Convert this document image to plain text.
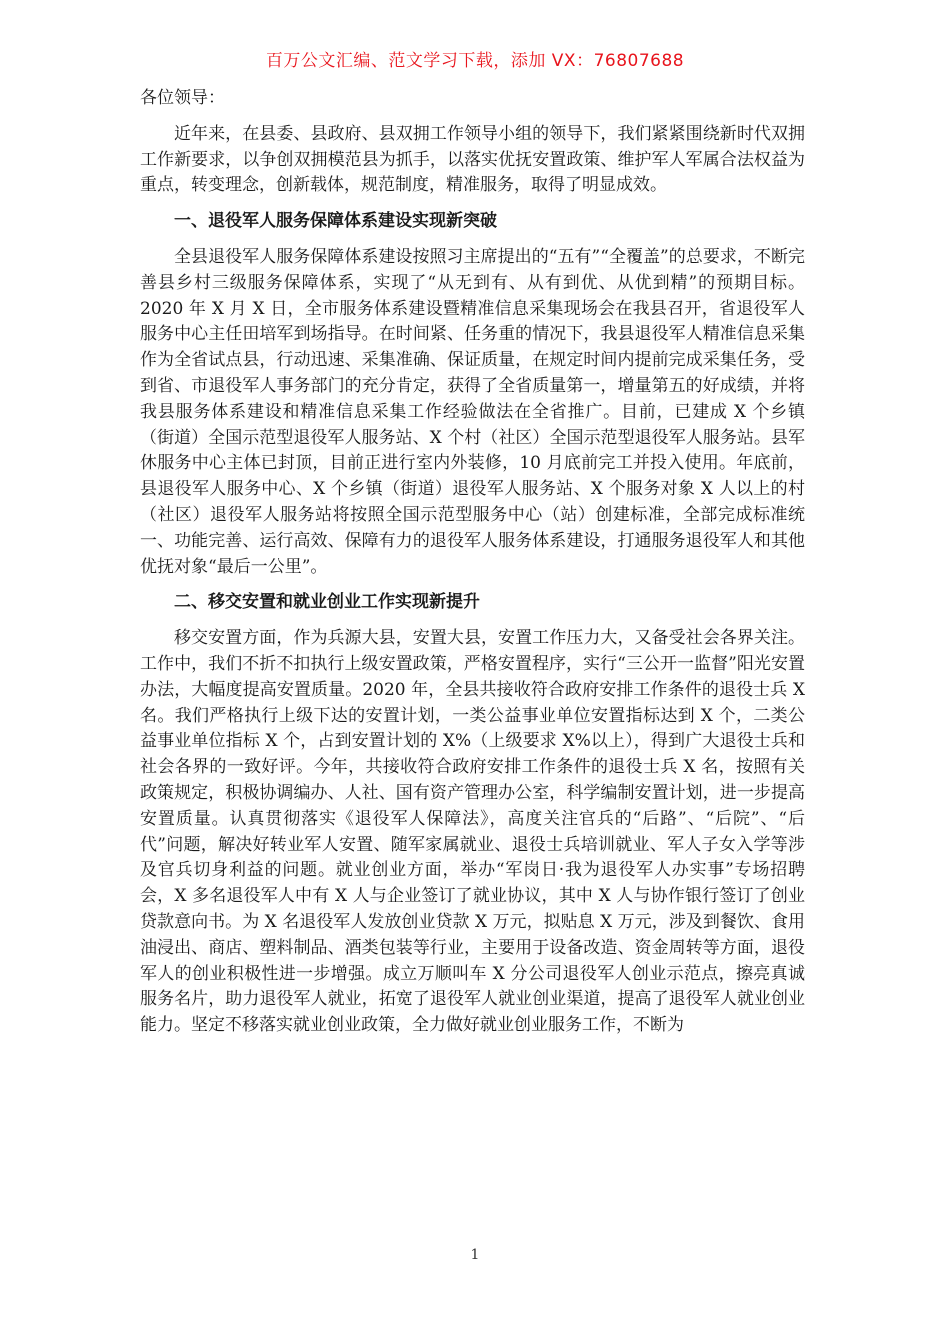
百万公文汇编、范文学习下载，添加 VX：76807688

各位领导：

近年来，在县委、县政府、县双拥工作领导小组的领导下，我们紧紧围绕新时代双拥工作新要求，以争创双拥模范县为抓手，以落实优抚安置政策、维护军人军属合法权益为重点，转变理念，创新载体，规范制度，精准服务，取得了明显成效。

一、退役军人服务保障体系建设实现新突破

全县退役军人服务保障体系建设按照习主席提出的“五有”“全覆盖”的总要求，不断完善县乡村三级服务保障体系，实现了“从无到有、从有到优、从优到精”的预期目标。2020 年 X 月 X 日，全市服务体系建设暨精准信息采集现场会在我县召开，省退役军人服务中心主任田培军到场指导。在时间紧、任务重的情况下，我县退役军人精准信息采集作为全省试点县，行动迅速、采集准确、保证质量，在规定时间内提前完成采集任务，受到省、市退役军人事务部门的充分肯定，获得了全省质量第一，增量第五的好成绩，并将我县服务体系建设和精准信息采集工作经验做法在全省推广。目前，已建成 X 个乡镇（街道）全国示范型退役军人服务站、X 个村（社区）全国示范型退役军人服务站。县军休服务中心主体已封顶，目前正进行室内外装修，10 月底前完工并投入使用。年底前，县退役军人服务中心、X 个乡镇（街道）退役军人服务站、X 个服务对象 X 人以上的村（社区）退役军人服务站将按照全国示范型服务中心（站）创建标准，全部完成标准统一、功能完善、运行高效、保障有力的退役军人服务体系建设，打通服务退役军人和其他优抚对象“最后一公里”。

二、移交安置和就业创业工作实现新提升

移交安置方面，作为兵源大县，安置大县，安置工作压力大，又备受社会各界关注。工作中，我们不折不扣执行上级安置政策，严格安置程序，实行“三公开一监督”阳光安置办法，大幅度提高安置质量。2020 年，全县共接收符合政府安排工作条件的退役士兵 X 名。我们严格执行上级下达的安置计划，一类公益事业单位安置指标达到 X 个，二类公益事业单位指标 X 个，占到安置计划的 X%（上级要求 X%以上），得到广大退役士兵和社会各界的一致好评。今年，共接收符合政府安排工作条件的退役士兵 X 名，按照有关政策规定，积极协调编办、人社、国有资产管理办公室，科学编制安置计划，进一步提高安置质量。认真贯彻落实《退役军人保障法》，高度关注官兵的“后路”、“后院”、“后代”问题，解决好转业军人安置、随军家属就业、退役士兵培训就业、军人子女入学等涉及官兵切身利益的问题。就业创业方面，举办“军岗日·我为退役军人办实事”专场招聘会，X 多名退役军人中有 X 人与企业签订了就业协议，其中 X 人与协作银行签订了创业贷款意向书。为 X 名退役军人发放创业贷款 X 万元，拟贴息 X 万元，涉及到餐饮、食用油浸出、商店、塑料制品、酒类包装等行业，主要用于设备改造、资金周转等方面，退役军人的创业积极性进一步增强。成立万顺叫车 X 分公司退役军人创业示范点，擦亮真诚服务名片，助力退役军人就业，拓宽了退役军人就业创业渠道，提高了退役军人就业创业能力。坚定不移落实就业创业政策，全力做好就业创业服务工作，不断为

1
